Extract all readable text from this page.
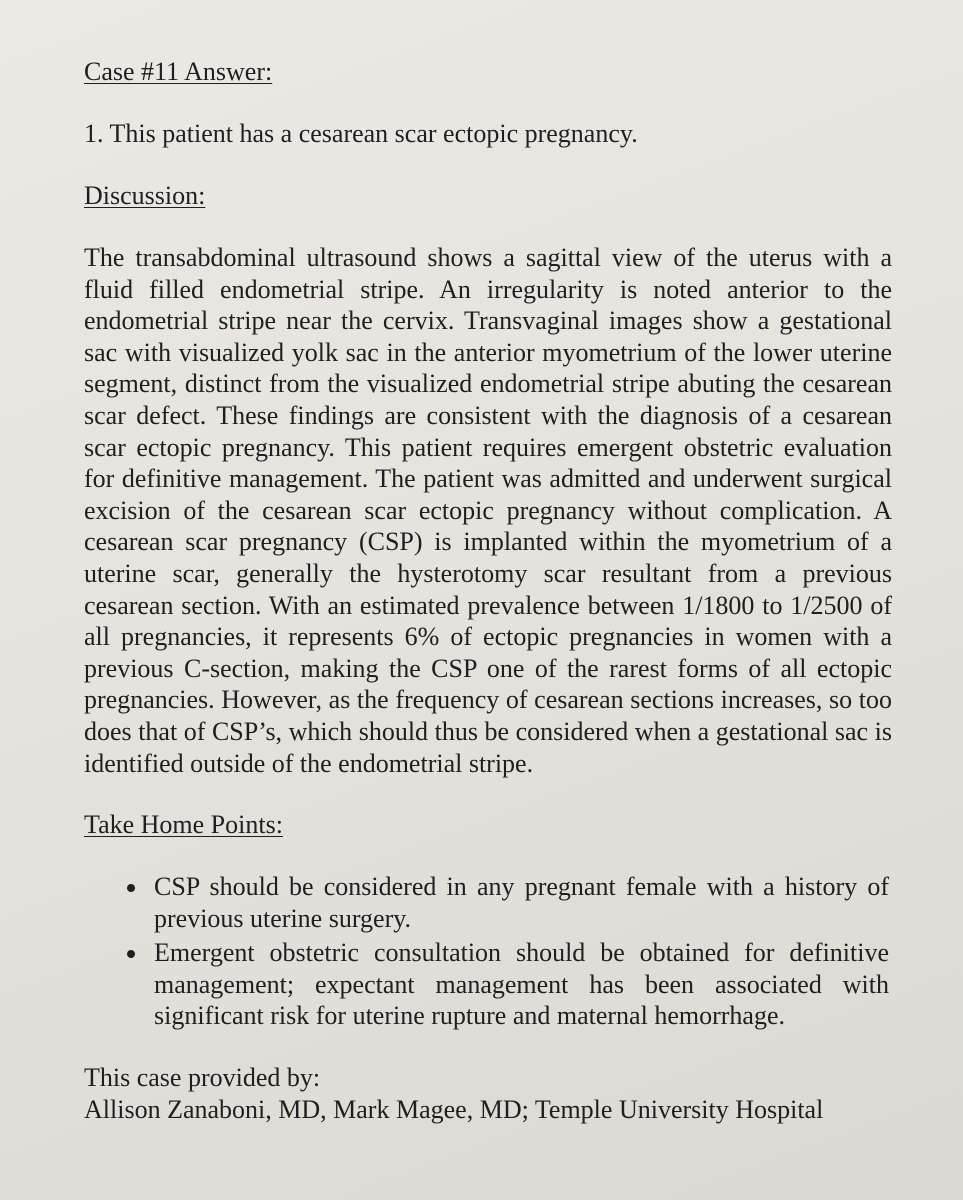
Case #11 Answer:

1. This patient has a cesarean scar ectopic pregnancy.

Discussion:

The transabdominal ultrasound shows a sagittal view of the uterus with a fluid filled endometrial stripe. An irregularity is noted anterior to the endometrial stripe near the cervix. Transvaginal images show a gestational sac with visualized yolk sac in the anterior myometrium of the lower uterine segment, distinct from the visualized endometrial stripe abuting the cesarean scar defect. These findings are consistent with the diagnosis of a cesarean scar ectopic pregnancy. This patient requires emergent obstetric evaluation for definitive management. The patient was admitted and underwent surgical excision of the cesarean scar ectopic pregnancy without complication. A cesarean scar pregnancy (CSP) is implanted within the myometrium of a uterine scar, generally the hysterotomy scar resultant from a previous cesarean section. With an estimated prevalence between 1/1800 to 1/2500 of all pregnancies, it represents 6% of ectopic pregnancies in women with a previous C-section, making the CSP one of the rarest forms of all ectopic pregnancies. However, as the frequency of cesarean sections increases, so too does that of CSP’s, which should thus be considered when a gestational sac is identified outside of the endometrial stripe.

Take Home Points:
CSP should be considered in any pregnant female with a history of previous uterine surgery.
Emergent obstetric consultation should be obtained for definitive management; expectant management has been associated with significant risk for uterine rupture and maternal hemorrhage.

This case provided by:
Allison Zanaboni, MD, Mark Magee, MD; Temple University Hospital
